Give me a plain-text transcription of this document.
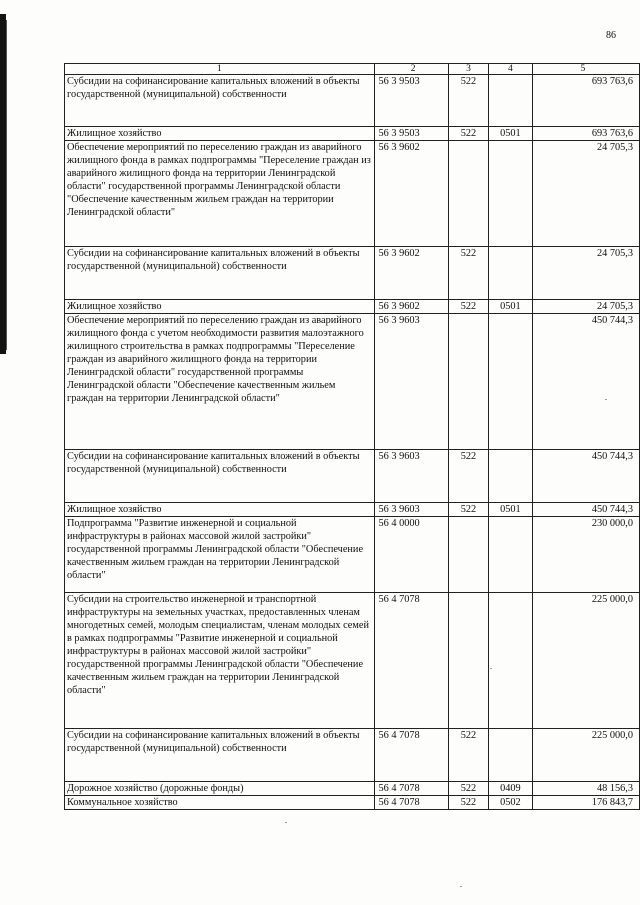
86
1	2	3	4	5
Субсидии на софинансирование капитальных вложений в объекты государственной (муниципальной) собственности	56 3 9503	522		693 763,6
Жилищное хозяйство	56 3 9503	522	0501	693 763,6
Обеспечение мероприятий по переселению граждан из аварийного жилищного фонда в рамках подпрограммы "Переселение граждан из аварийного жилищного фонда на территории Ленинградской области" государственной программы Ленинградской области "Обеспечение качественным жильем граждан на территории Ленинградской области"	56 3 9602			24 705,3
Субсидии на софинансирование капитальных вложений в объекты государственной (муниципальной) собственности	56 3 9602	522		24 705,3
Жилищное хозяйство	56 3 9602	522	0501	24 705,3
Обеспечение мероприятий по переселению граждан из аварийного жилищного фонда с учетом необходимости развития малоэтажного жилищного строительства в рамках подпрограммы "Переселение граждан из аварийного жилищного фонда на территории Ленинградской области" государственной программы Ленинградской области "Обеспечение качественным жильем граждан на территории Ленинградской области"	56 3 9603			450 744,3
Субсидии на софинансирование капитальных вложений в объекты государственной (муниципальной) собственности	56 3 9603	522		450 744,3
Жилищное хозяйство	56 3 9603	522	0501	450 744,3
Подпрограмма "Развитие инженерной и социальной инфраструктуры в районах массовой жилой застройки" государственной программы Ленинградской области "Обеспечение качественным жильем граждан на территории Ленинградской области"	56 4 0000			230 000,0
Субсидии на строительство инженерной и транспортной инфраструктуры на земельных участках, предоставленных членам многодетных семей, молодым специалистам, членам молодых семей в рамках подпрограммы "Развитие инженерной и социальной инфраструктуры в районах массовой жилой застройки" государственной программы Ленинградской области "Обеспечение качественным жильем граждан на территории Ленинградской области"	56 4 7078			225 000,0
Субсидии на софинансирование капитальных вложений в объекты государственной (муниципальной) собственности	56 4 7078	522		225 000,0
Дорожное хозяйство (дорожные фонды)	56 4 7078	522	0409	48 156,3
Коммунальное хозяйство	56 4 7078	522	0502	176 843,7
